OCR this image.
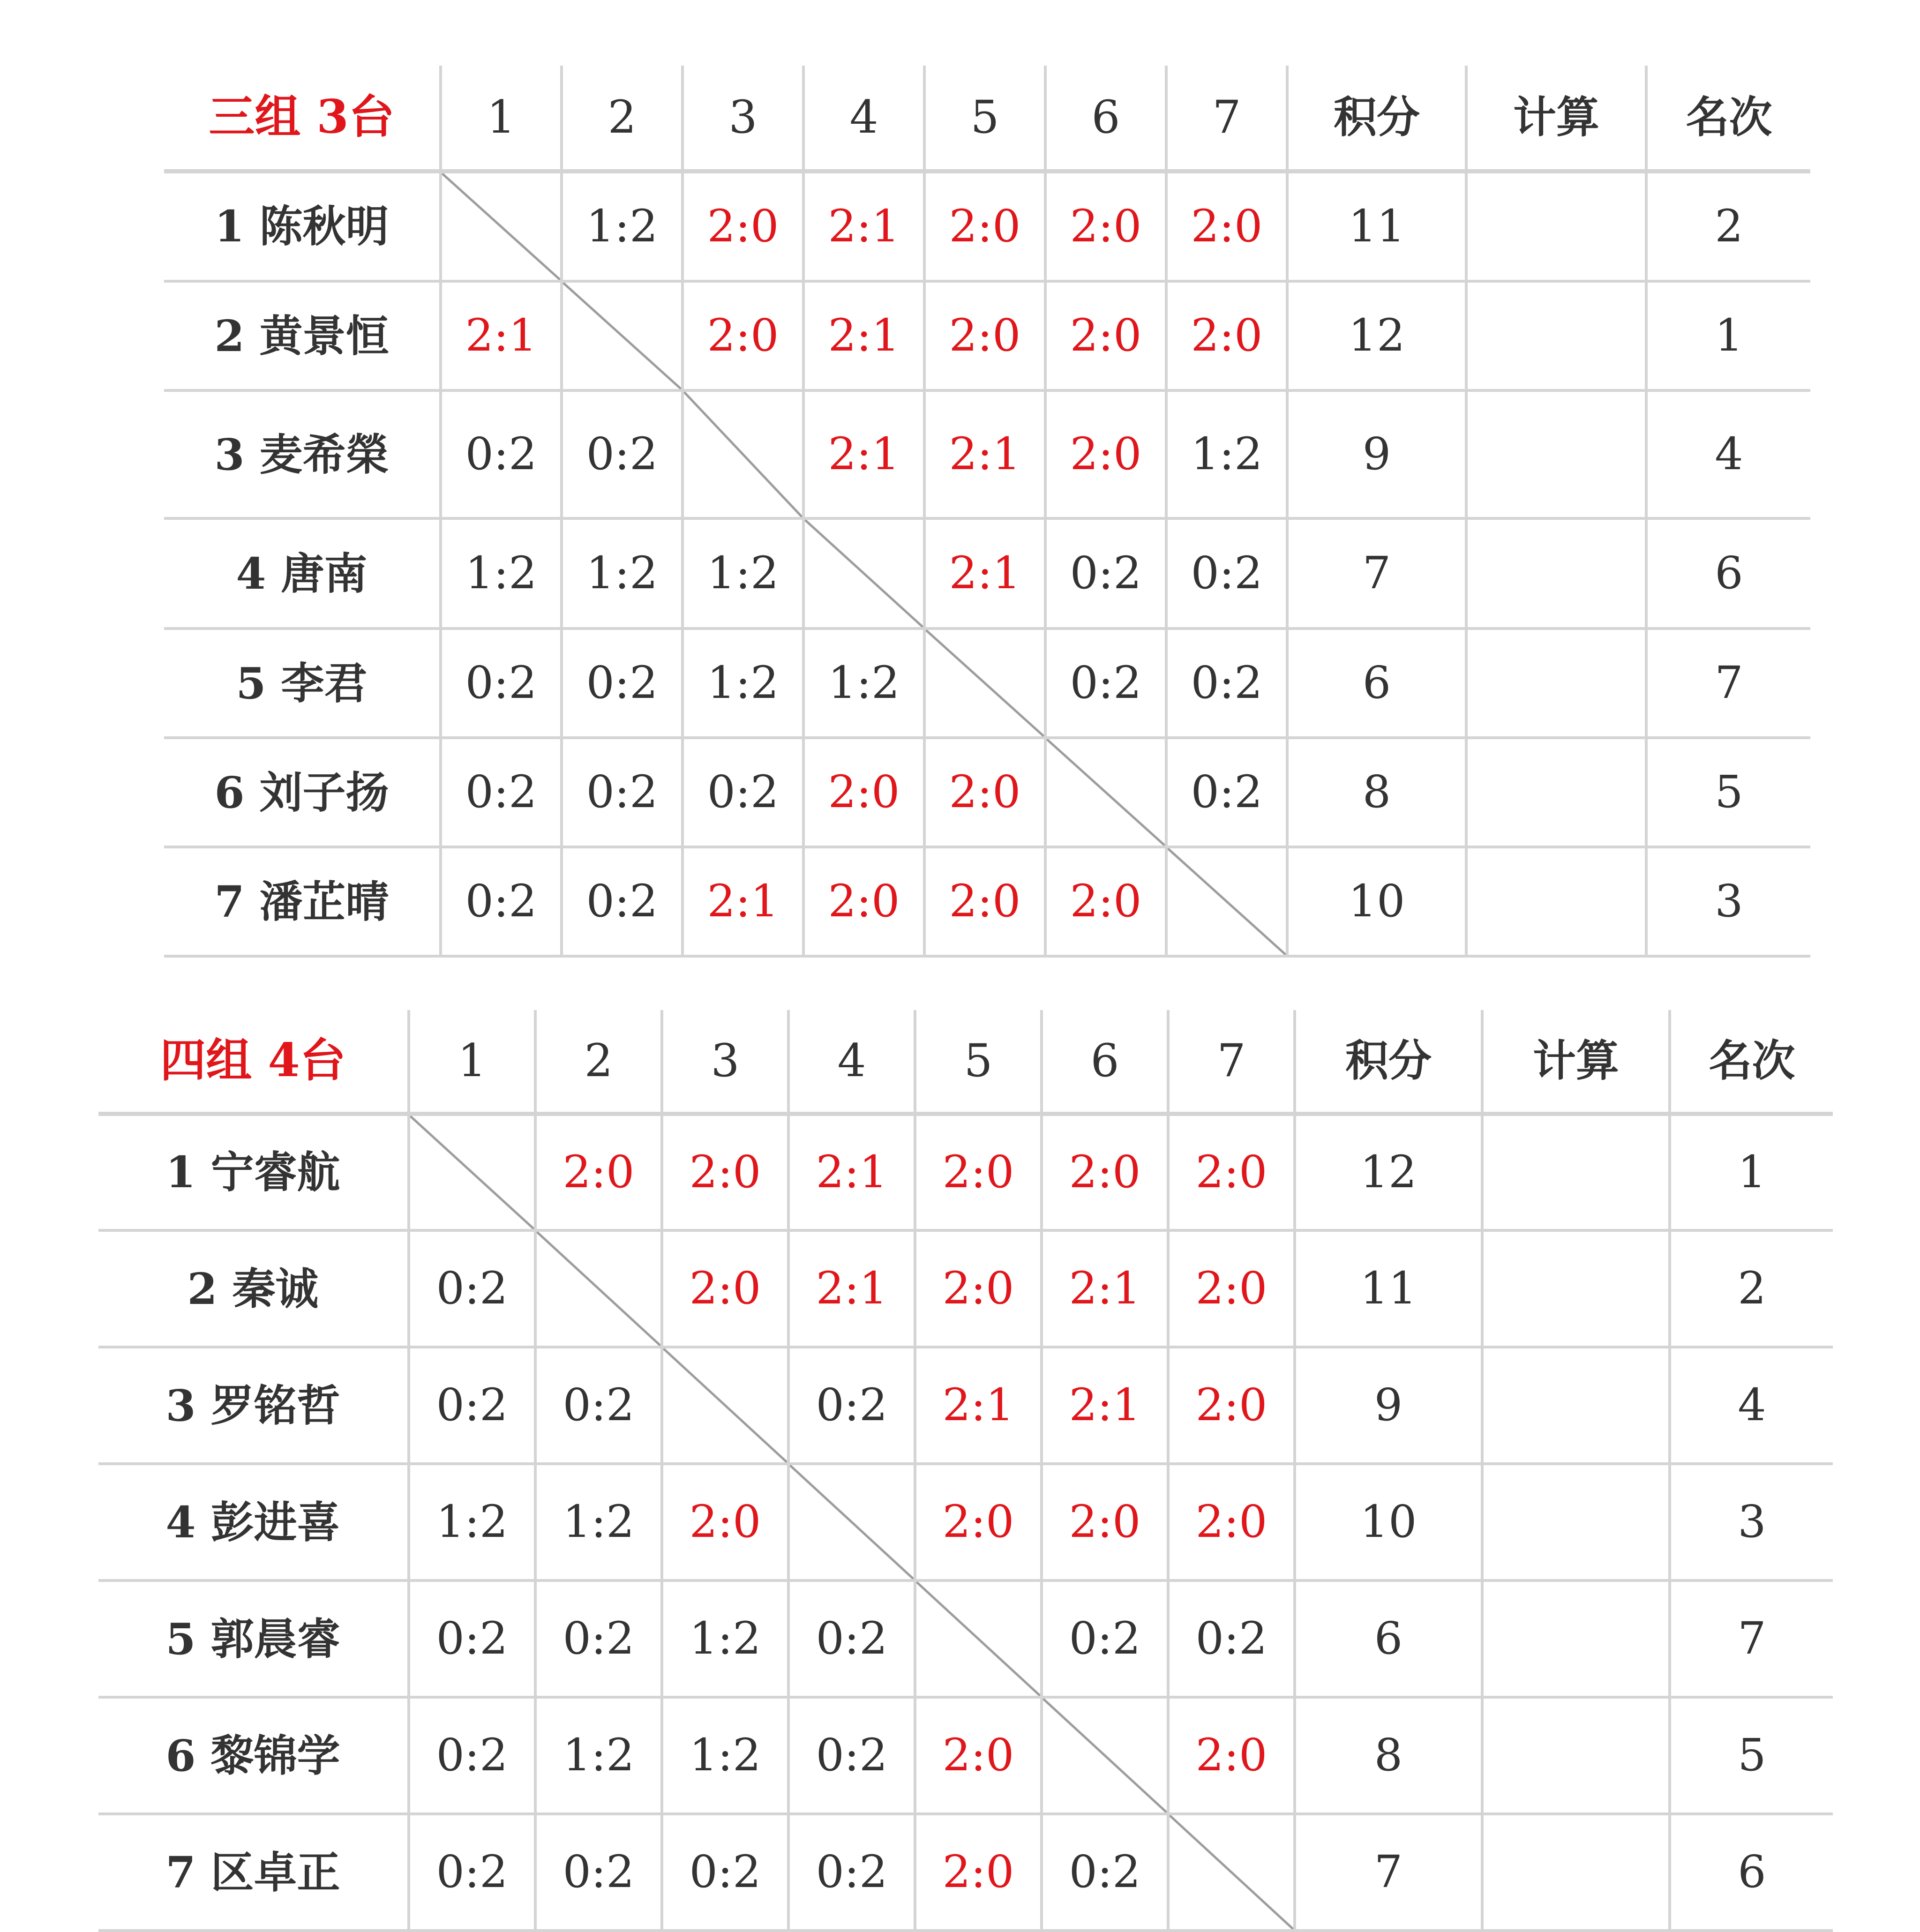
三组 3台	1	2	3	4	5	6	7	积分	计算	名次
1 陈秋明		1:2	2:0	2:1	2:0	2:0	2:0	11		2
2 黄景恒	2:1		2:0	2:1	2:0	2:0	2:0	12		1
3 麦希榮	0:2	0:2		2:1	2:1	2:0	1:2	9		4
4 唐南	1:2	1:2	1:2		2:1	0:2	0:2	7		6
5 李君	0:2	0:2	1:2	1:2		0:2	0:2	6		7
6 刘子扬	0:2	0:2	0:2	2:0	2:0		0:2	8		5
7 潘芷晴	0:2	0:2	2:1	2:0	2:0	2:0		10		3
四组 4台	1	2	3	4	5	6	7	积分	计算	名次
1 宁睿航		2:0	2:0	2:1	2:0	2:0	2:0	12		1
2 秦诚	0:2		2:0	2:1	2:0	2:1	2:0	11		2
3 罗铭哲	0:2	0:2		0:2	2:1	2:1	2:0	9		4
4 彭进喜	1:2	1:2	2:0		2:0	2:0	2:0	10		3
5 郭晨睿	0:2	0:2	1:2	0:2		0:2	0:2	6		7
6 黎锦学	0:2	1:2	1:2	0:2	2:0		2:0	8		5
7 区卓正	0:2	0:2	0:2	0:2	2:0	0:2		7		6
